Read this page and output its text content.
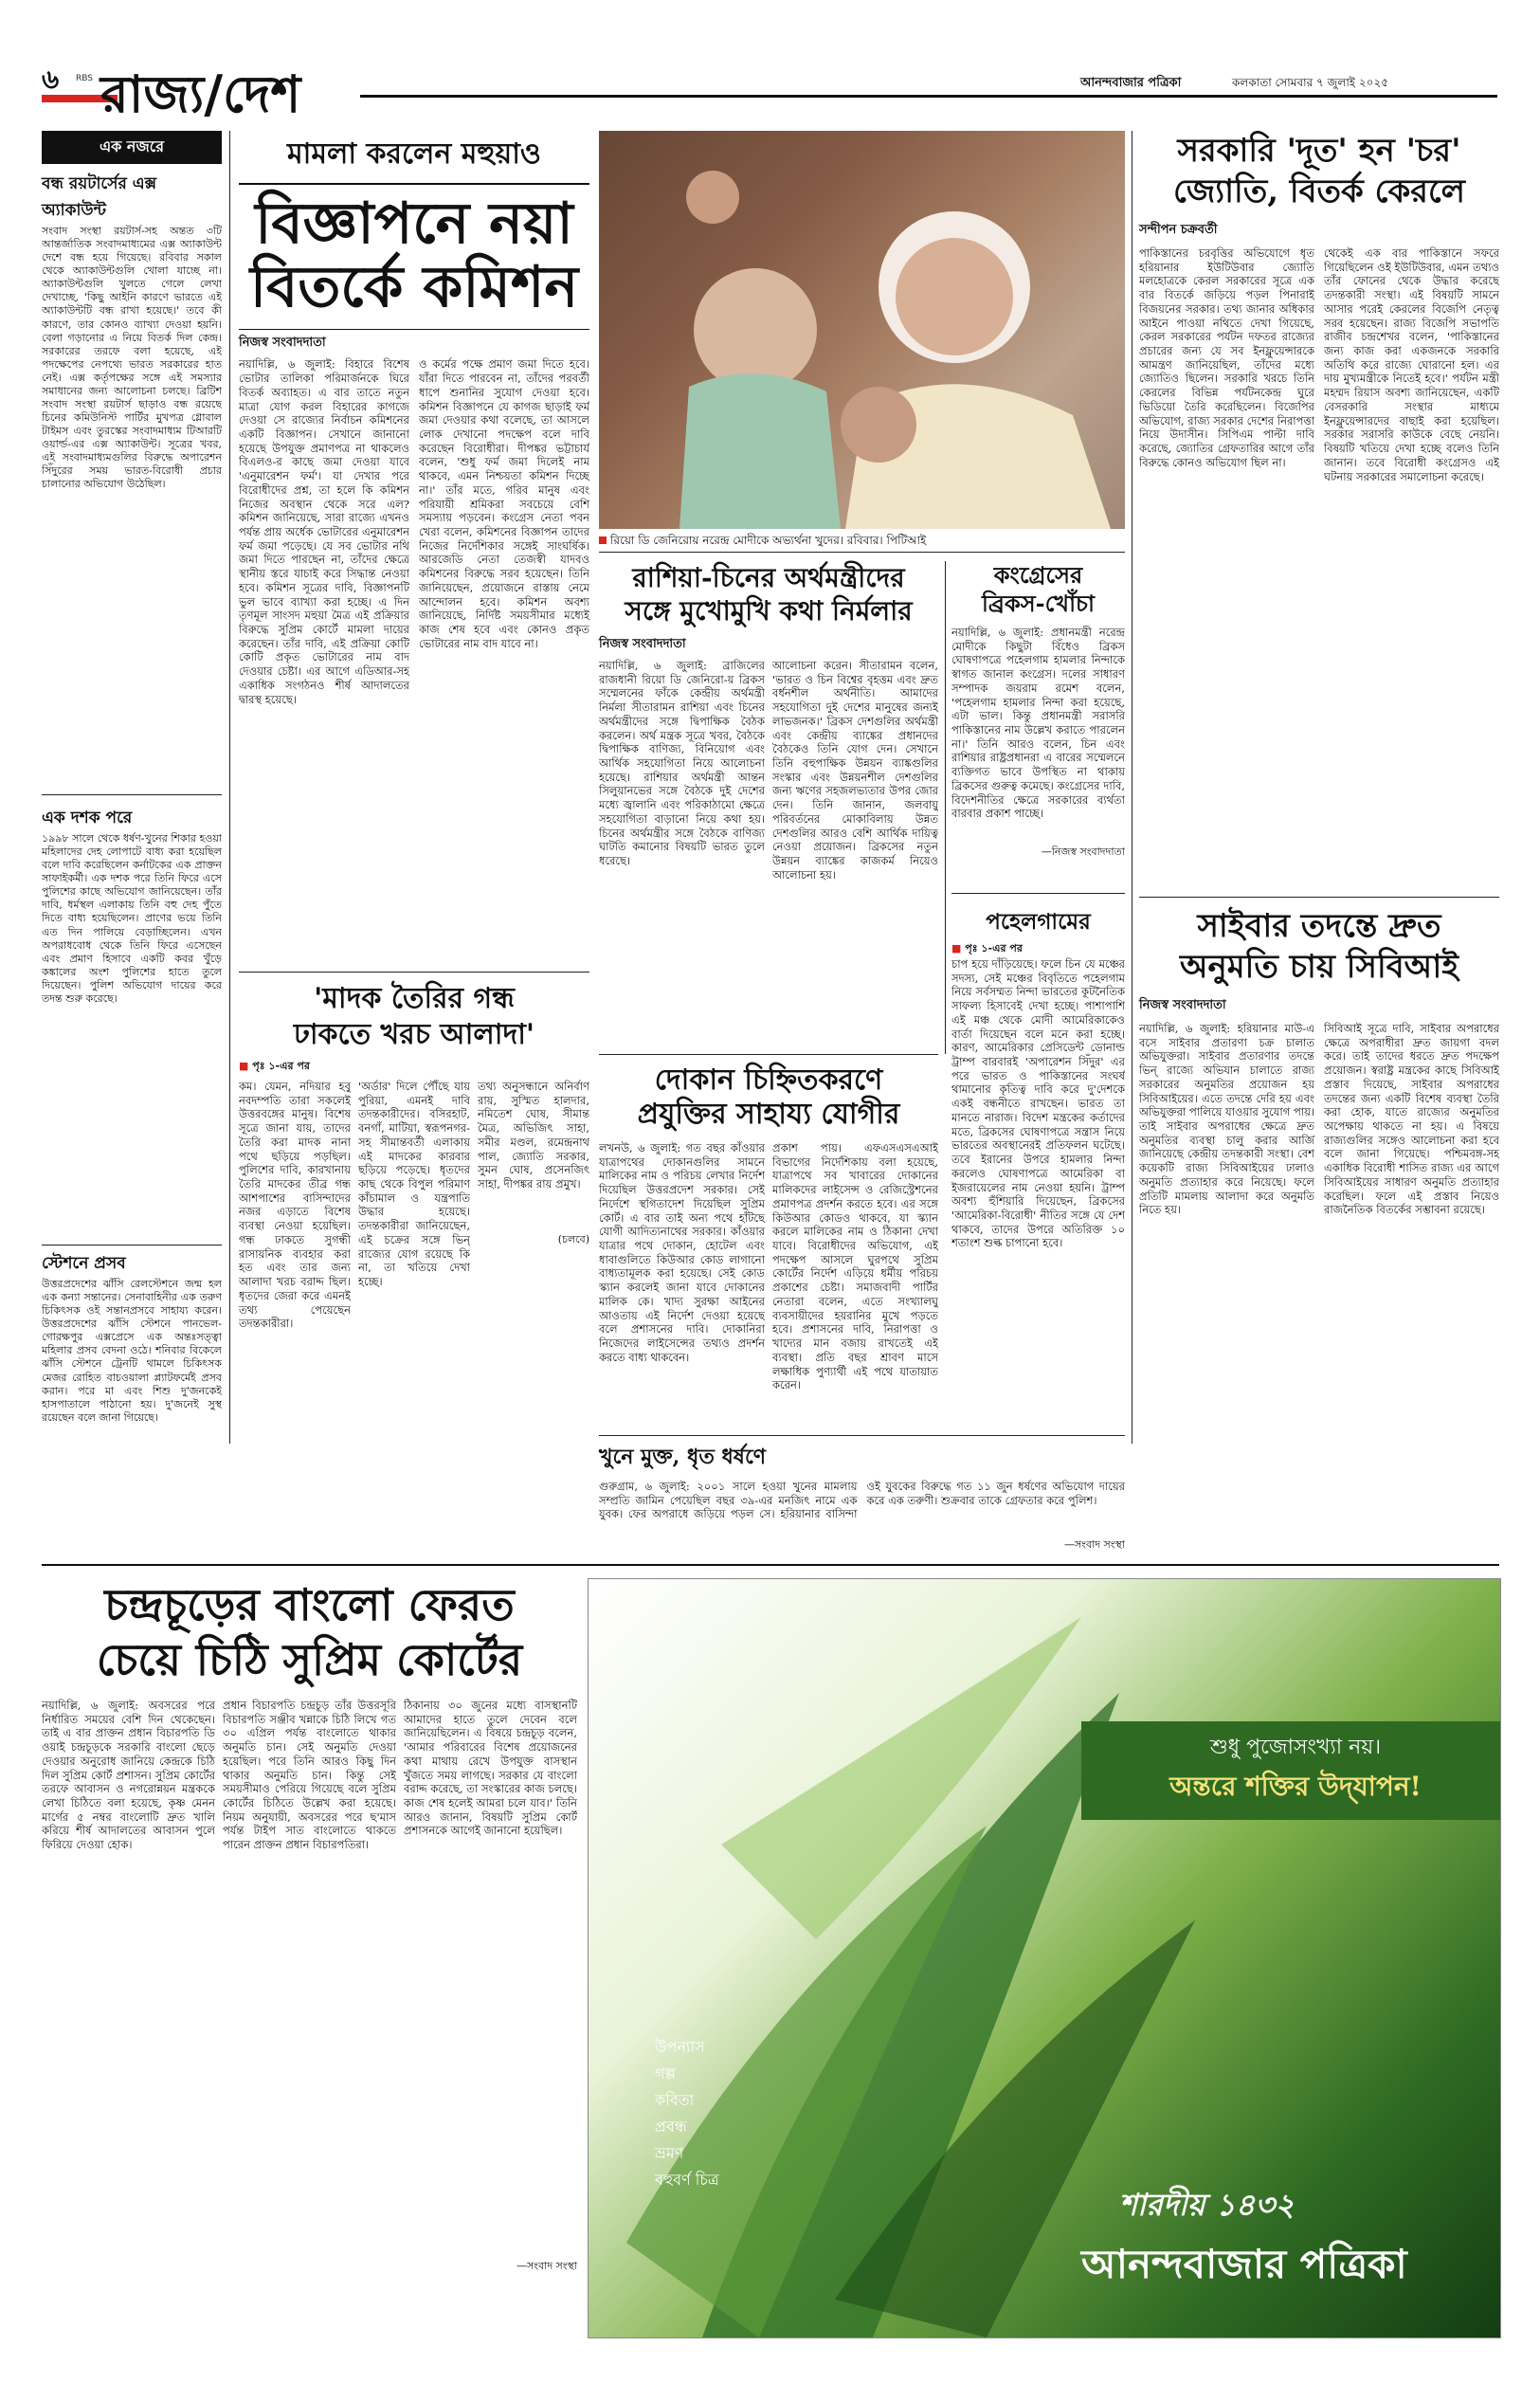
৬ RBS রাজ্য/দেশ	আনন্দবাজার পত্রিকা	কলকাতা সোমবার ৭ জুলাই ২০২৫
এক নজরে
বন্ধ রয়টার্সের এক্স অ্যাকাউন্ট
সংবাদ সংস্থা রয়টার্স-সহ অন্তত ৩টি আন্তর্জাতিক সংবাদমাধ্যমের এক্স অ্যাকাউন্ট দেশে বন্ধ হয়ে গিয়েছে। রবিবার সকাল থেকে অ্যাকাউন্টগুলি খোলা যাচ্ছে না। অ্যাকাউন্টগুলি খুলতে গেলে লেখা দেখাচ্ছে, 'কিছু আইনি কারণে ভারতে এই অ্যাকাউন্টটি বন্ধ রাখা হয়েছে।' তবে কী কারণে, তার কোনও ব্যাখ্যা দেওয়া হয়নি। বেলা গড়ানোর এ নিয়ে বিতর্ক দিল কেন্দ্র। সরকারের তরফে বলা হয়েছে, এই পদক্ষেপের নেপথ্যে ভারত সরকারের হাত নেই। এক্স কর্তৃপক্ষের সঙ্গে এই সমস্যার সমাধানের জন্য আলোচনা চলছে। ব্রিটিশ সংবাদ সংস্থা রয়টার্স ছাড়াও বন্ধ রয়েছে চিনের কমিউনিস্ট পার্টির মুখপত্র গ্লোবাল টাইমস এবং তুরস্কের সংবাদমাধ্যম টিআরটি ওয়ার্ল্ড-এর এক্স অ্যাকাউন্ট। সূত্রের খবর, এই সংবাদমাধ্যমগুলির বিরুদ্ধে অপারেশন সিঁদুরের সময় ভারত-বিরোধী প্রচার চালানোর অভিযোগ উঠেছিল।
এক দশক পরে
১৯৯৮ সালে থেকে ধর্ষণ-খুনের শিকার হওয়া মহিলাদের দেহ লোপাটে বাধ্য করা হয়েছিল বলে দাবি করেছিলেন কর্নাটকের এক প্রাক্তন সাফাইকর্মী। এক দশক পরে তিনি ফিরে এসে পুলিশের কাছে অভিযোগ জানিয়েছেন। তাঁর দাবি, ধর্মস্থল এলাকায় তিনি বহু দেহ পুঁতে দিতে বাধ্য হয়েছিলেন। প্রাণের ভয়ে তিনি এত দিন পালিয়ে বেড়াচ্ছিলেন। এখন অপরাধবোধ থেকে তিনি ফিরে এসেছেন এবং প্রমাণ হিসাবে একটি কবর খুঁড়ে কঙ্কালের অংশ পুলিশের হাতে তুলে দিয়েছেন। পুলিশ অভিযোগ দায়ের করে তদন্ত শুরু করেছে।
স্টেশনে প্রসব
উত্তরপ্রদেশের ঝাঁসি রেলস্টেশনে জন্ম হল এক কন্যা সন্তানের। সেনাবাহিনীর এক তরুণ চিকিৎসক ওই সন্তানপ্রসবে সাহায্য করেন। উত্তরপ্রদেশের ঝাঁসি স্টেশনে পানভেল-গোরক্ষপুর এক্সপ্রেসে এক অন্তঃসত্ত্বা মহিলার প্রসব বেদনা ওঠে। শনিবার বিকেলে ঝাঁসি স্টেশনে ট্রেনটি থামলে চিকিৎসক মেজর রোহিত বাচওয়ালা প্ল্যাটফর্মেই প্রসব করান। পরে মা এবং শিশু দু'জনকেই হাসপাতালে পাঠানো হয়। দু'জনেই সুস্থ রয়েছেন বলে জানা গিয়েছে।
মামলা করলেন মহুয়াও
বিজ্ঞাপনে নয়া
বিতর্কে কমিশন
নিজস্ব সংবাদদাতা
নয়াদিল্লি, ৬ জুলাই: বিহারে বিশেষ ভোটার তালিকা পরিমার্জনকে ঘিরে বিতর্ক অব্যাহত। এ বার তাতে নতুন মাত্রা যোগ করল বিহারের কাগজে দেওয়া সে রাজ্যের নির্বাচন কমিশনের একটি বিজ্ঞাপন। সেখানে জানানো হয়েছে উপযুক্ত প্রমাণপত্র না থাকলেও বিএলও-র কাছে জমা দেওয়া যাবে 'এনুমারেশন ফর্ম'। যা দেখার পরে বিরোধীদের প্রশ্ন, তা হলে কি কমিশন নিজের অবস্থান থেকে সরে এল? কমিশন জানিয়েছে, সারা রাজ্যে এখনও পর্যন্ত প্রায় অর্ধেক ভোটারের এনুমারেশন ফর্ম জমা পড়েছে। যে সব ভোটার নথি জমা দিতে পারছেন না, তাঁদের ক্ষেত্রে স্থানীয় স্তরে যাচাই করে সিদ্ধান্ত নেওয়া হবে। কমিশন সূত্রের দাবি, বিজ্ঞাপনটি ভুল ভাবে ব্যাখ্যা করা হচ্ছে। এ দিন তৃণমূল সাংসদ মহুয়া মৈত্র এই প্রক্রিয়ার বিরুদ্ধে সুপ্রিম কোর্টে মামলা দায়ের করেছেন। তাঁর দাবি, এই প্রক্রিয়া কোটি কোটি প্রকৃত ভোটারের নাম বাদ দেওয়ার চেষ্টা। এর আগে এডিআর-সহ একাধিক সংগঠনও শীর্ষ আদালতের দ্বারস্থ হয়েছে।
ও কর্মের পক্ষে প্রমাণ জমা দিতে হবে। যাঁরা দিতে পারবেন না, তাঁদের পরবর্তী ধাপে শুনানির সুযোগ দেওয়া হবে। কমিশন বিজ্ঞাপনে যে কাগজ ছাড়াই ফর্ম জমা দেওয়ার কথা বলেছে, তা আসলে লোক দেখানো পদক্ষেপ বলে দাবি করেছেন বিরোধীরা। দীপঙ্কর ভট্টাচার্য বলেন, 'শুধু ফর্ম জমা দিলেই নাম থাকবে, এমন নিশ্চয়তা কমিশন দিচ্ছে না।' তাঁর মতে, গরিব মানুষ এবং পরিযায়ী শ্রমিকরা সবচেয়ে বেশি সমস্যায় পড়বেন। কংগ্রেস নেতা পবন খেরা বলেন, কমিশনের বিজ্ঞাপন তাদের নিজের নির্দেশিকার সঙ্গেই সাংঘর্ষিক। আরজেডি নেতা তেজস্বী যাদবও কমিশনের বিরুদ্ধে সরব হয়েছেন। তিনি জানিয়েছেন, প্রয়োজনে রাস্তায় নেমে আন্দোলন হবে। কমিশন অবশ্য জানিয়েছে, নির্দিষ্ট সময়সীমার মধ্যেই কাজ শেষ হবে এবং কোনও প্রকৃত ভোটারের নাম বাদ যাবে না।
রিয়ো ডি জেনিরোয় নরেন্দ্র মোদীকে অভ্যর্থনা খুদের। রবিবার। পিটিআই
রাশিয়া-চিনের অর্থমন্ত্রীদের
সঙ্গে মুখোমুখি কথা নির্মলার
নিজস্ব সংবাদদাতা
নয়াদিল্লি, ৬ জুলাই: ব্রাজিলের রাজধানী রিয়ো ডি জেনিরো-য় ব্রিকস সম্মেলনের ফাঁকে কেন্দ্রীয় অর্থমন্ত্রী নির্মলা সীতারামন রাশিয়া এবং চিনের অর্থমন্ত্রীদের সঙ্গে দ্বিপাক্ষিক বৈঠক করলেন। অর্থ মন্ত্রক সূত্রে খবর, বৈঠকে দ্বিপাক্ষিক বাণিজ্য, বিনিয়োগ এবং আর্থিক সহযোগিতা নিয়ে আলোচনা হয়েছে। রাশিয়ার অর্থমন্ত্রী আন্তন সিলুয়ানভের সঙ্গে বৈঠকে দুই দেশের মধ্যে জ্বালানি এবং পরিকাঠামো ক্ষেত্রে সহযোগিতা বাড়ানো নিয়ে কথা হয়। চিনের অর্থমন্ত্রীর সঙ্গে বৈঠকে বাণিজ্য ঘাটতি কমানোর বিষয়টি ভারত তুলে ধরেছে।
আলোচনা করেন। সীতারামন বলেন, 'ভারত ও চিন বিশ্বের বৃহত্তম এবং দ্রুত বর্ধনশীল অর্থনীতি। আমাদের সহযোগিতা দুই দেশের মানুষের জন্যই লাভজনক।' ব্রিকস দেশগুলির অর্থমন্ত্রী এবং কেন্দ্রীয় ব্যাঙ্কের প্রধানদের বৈঠকেও তিনি যোগ দেন। সেখানে তিনি বহুপাক্ষিক উন্নয়ন ব্যাঙ্কগুলির সংস্কার এবং উন্নয়নশীল দেশগুলির জন্য ঋণের সহজলভ্যতার উপর জোর দেন। তিনি জানান, জলবায়ু পরিবর্তনের মোকাবিলায় উন্নত দেশগুলির আরও বেশি আর্থিক দায়িত্ব নেওয়া প্রয়োজন। ব্রিকসের নতুন উন্নয়ন ব্যাঙ্কের কাজকর্ম নিয়েও আলোচনা হয়।
কংগ্রেসের
ব্রিকস-খোঁচা
নয়াদিল্লি, ৬ জুলাই: প্রধানমন্ত্রী নরেন্দ্র মোদীকে কিছুটা বিঁধেও ব্রিকস ঘোষণাপত্রে পহেলগাম হামলার নিন্দাকে স্বাগত জানাল কংগ্রেস। দলের সাধারণ সম্পাদক জয়রাম রমেশ বলেন, 'পহেলগাম হামলার নিন্দা করা হয়েছে, এটা ভাল। কিন্তু প্রধানমন্ত্রী সরাসরি পাকিস্তানের নাম উল্লেখ করাতে পারলেন না।' তিনি আরও বলেন, চিন এবং রাশিয়ার রাষ্ট্রপ্রধানরা এ বারের সম্মেলনে ব্যক্তিগত ভাবে উপস্থিত না থাকায় ব্রিকসের গুরুত্ব কমেছে। কংগ্রেসের দাবি, বিদেশনীতির ক্ষেত্রে সরকারের ব্যর্থতা বারবার প্রকাশ পাচ্ছে।
—নিজস্ব সংবাদদাতা
পহেলগামের
■ পৃঃ ১-এর পর
চাপ হয়ে দাঁড়িয়েছে। ফলে চিন যে মঞ্চের সদস্য, সেই মঞ্চের বিবৃতিতে পহেলগাম নিয়ে সর্বসম্মত নিন্দা ভারতের কূটনৈতিক সাফল্য হিসাবেই দেখা হচ্ছে। পাশাপাশি এই মঞ্চ থেকে মোদী আমেরিকাকেও বার্তা দিয়েছেন বলে মনে করা হচ্ছে। কারণ, আমেরিকার প্রেসিডেন্ট ডোনাল্ড ট্রাম্প বারবারই 'অপারেশন সিঁদুর' এর পরে ভারত ও পাকিস্তানের সংঘর্ষ থামানোর কৃতিত্ব দাবি করে দু'দেশকে একই বন্ধনীতে রাখছেন। ভারত তা মানতে নারাজ। বিদেশ মন্ত্রকের কর্তাদের মতে, ব্রিকসের ঘোষণাপত্রে সন্ত্রাস নিয়ে ভারতের অবস্থানেরই প্রতিফলন ঘটেছে। তবে ইরানের উপরে হামলার নিন্দা করলেও ঘোষণাপত্রে আমেরিকা বা ইজরায়েলের নাম নেওয়া হয়নি। ট্রাম্প অবশ্য হুঁশিয়ারি দিয়েছেন, ব্রিকসের 'আমেরিকা-বিরোধী' নীতির সঙ্গে যে দেশ থাকবে, তাদের উপরে অতিরিক্ত ১০ শতাংশ শুল্ক চাপানো হবে।
দোকান চিহ্নিতকরণে
প্রযুক্তির সাহায্য যোগীর
লখনউ, ৬ জুলাই: গত বছর কাঁওয়ার যাত্রাপথের দোকানগুলির সামনে মালিকের নাম ও পরিচয় লেখার নির্দেশ দিয়েছিল উত্তরপ্রদেশ সরকার। সেই নির্দেশে স্থগিতাদেশ দিয়েছিল সুপ্রিম কোর্ট। এ বার তাই অন্য পথে হাঁটছে যোগী আদিত্যনাথের সরকার। কাঁওয়ার যাত্রার পথে দোকান, হোটেল এবং ধাবাগুলিতে কিউআর কোড লাগানো বাধ্যতামূলক করা হয়েছে। সেই কোড স্ক্যান করলেই জানা যাবে দোকানের মালিক কে। খাদ্য সুরক্ষা আইনের আওতায় এই নির্দেশ দেওয়া হয়েছে বলে প্রশাসনের দাবি। দোকানিরা নিজেদের লাইসেন্সের তথ্যও প্রদর্শন করতে বাধ্য থাকবেন।
প্রকাশ পায়। এফএসএসএআই বিভাগের নির্দেশিকায় বলা হয়েছে, যাত্রাপথে সব খাবারের দোকানের মালিকদের লাইসেন্স ও রেজিস্ট্রেশনের প্রমাণপত্র প্রদর্শন করতে হবে। এর সঙ্গে কিউআর কোডও থাকবে, যা স্ক্যান করলে মালিকের নাম ও ঠিকানা দেখা যাবে। বিরোধীদের অভিযোগ, এই পদক্ষেপ আসলে ঘুরপথে সুপ্রিম কোর্টের নির্দেশ এড়িয়ে ধর্মীয় পরিচয় প্রকাশের চেষ্টা। সমাজবাদী পার্টির নেতারা বলেন, এতে সংখ্যালঘু ব্যবসায়ীদের হয়রানির মুখে পড়তে হবে। প্রশাসনের দাবি, নিরাপত্তা ও খাদ্যের মান বজায় রাখতেই এই ব্যবস্থা। প্রতি বছর শ্রাবণ মাসে লক্ষাধিক পুণ্যার্থী এই পথে যাতায়াত করেন।
খুনে মুক্ত, ধৃত ধর্ষণে
গুরুগ্রাম, ৬ জুলাই: ২০০১ সালে হওয়া খুনের মামলায় সম্প্রতি জামিন পেয়েছিল বছর ৩৯-এর মনজিৎ নামে এক যুবক। ফের অপরাধে জড়িয়ে পড়ল সে। হরিয়ানার বাসিন্দা ওই যুবকের বিরুদ্ধে গত ১১ জুন ধর্ষণের অভিযোগ দায়ের করে এক তরুণী। শুক্রবার তাকে গ্রেফতার করে পুলিশ।
—সংবাদ সংস্থা
'মাদক তৈরির গন্ধ
ঢাকতে খরচ আলাদা'
■ পৃঃ ১-এর পর
কম। যেমন, নদিয়ার হবু নবদম্পতি তারা সকলেই উত্তরবঙ্গের মানুষ। বিশেষ সূত্রে জানা যায়, তাদের তৈরি করা মাদক নানা পথে ছড়িয়ে পড়ছিল। পুলিশের দাবি, কারখানায় তৈরি মাদকের তীব্র গন্ধ আশপাশের বাসিন্দাদের নজর এড়াতে বিশেষ ব্যবস্থা নেওয়া হয়েছিল। গন্ধ ঢাকতে সুগন্ধী রাসায়নিক ব্যবহার করা হত এবং তার জন্য আলাদা খরচ বরাদ্দ ছিল। ধৃতদের জেরা করে এমনই তথ্য পেয়েছেন তদন্তকারীরা।
'অর্ডার' দিলে পৌঁছে যায় পুরিয়া, এমনই দাবি তদন্তকারীদের। বসিরহাট, বনগাঁ, মাটিয়া, স্বরূপনগর-সহ সীমান্তবর্তী এলাকায় এই মাদকের কারবার ছড়িয়ে পড়েছে। ধৃতদের কাছ থেকে বিপুল পরিমাণ কাঁচামাল ও যন্ত্রপাতি উদ্ধার হয়েছে। তদন্তকারীরা জানিয়েছেন, এই চক্রের সঙ্গে ভিন্ রাজ্যের যোগ রয়েছে কি না, তা খতিয়ে দেখা হচ্ছে।
তথ্য অনুসন্ধানে অনির্বাণ রায়, সুস্মিত হালদার, নমিতেশ ঘোষ, সীমান্ত মৈত্র, অভিজিৎ সাহা, সমীর মণ্ডল, রমেন্দ্রনাথ পাল, জ্যোতি সরকার, সুমন ঘোষ, প্রসেনজিৎ সাহা, দীপঙ্কর রায় প্রমুখ।
(চলবে)
সরকারি 'দূত' হন 'চর'
জ্যোতি, বিতর্ক কেরলে
সন্দীপন চক্রবর্তী
পাকিস্তানের চরবৃত্তির অভিযোগে ধৃত হরিয়ানার ইউটিউবার জ্যোতি মলহোত্রকে কেরল সরকারের সূত্রে এক বার বিতর্কে জড়িয়ে পড়ল পিনারাই বিজয়নের সরকার। তথ্য জানার অধিকার আইনে পাওয়া নথিতে দেখা গিয়েছে, কেরল সরকারের পর্যটন দফতর রাজ্যের প্রচারের জন্য যে সব ইনফ্লুয়েন্সারকে আমন্ত্রণ জানিয়েছিল, তাঁদের মধ্যে জ্যোতিও ছিলেন। সরকারি খরচে তিনি কেরলের বিভিন্ন পর্যটনকেন্দ্র ঘুরে ভিডিয়ো তৈরি করেছিলেন। বিজেপির অভিযোগ, রাজ্য সরকার দেশের নিরাপত্তা নিয়ে উদাসীন। সিপিএম পাল্টা দাবি করেছে, জ্যোতির গ্রেফতারির আগে তাঁর বিরুদ্ধে কোনও অভিযোগ ছিল না।
থেকেই এক বার পাকিস্তানে সফরে গিয়েছিলেন ওই ইউটিউবার, এমন তথ্যও তাঁর ফোনের থেকে উদ্ধার করেছে তদন্তকারী সংস্থা। এই বিষয়টি সামনে আসার পরেই কেরলের বিজেপি নেতৃত্ব সরব হয়েছেন। রাজ্য বিজেপি সভাপতি রাজীব চন্দ্রশেখর বলেন, 'পাকিস্তানের জন্য কাজ করা একজনকে সরকারি অতিথি করে রাজ্যে ঘোরানো হল। এর দায় মুখ্যমন্ত্রীকে নিতেই হবে।' পর্যটন মন্ত্রী মহম্মদ রিয়াস অবশ্য জানিয়েছেন, একটি বেসরকারি সংস্থার মাধ্যমে ইনফ্লুয়েন্সারদের বাছাই করা হয়েছিল। সরকার সরাসরি কাউকে বেছে নেয়নি। বিষয়টি খতিয়ে দেখা হচ্ছে বলেও তিনি জানান। তবে বিরোধী কংগ্রেসও এই ঘটনায় সরকারের সমালোচনা করেছে।
সাইবার তদন্তে দ্রুত
অনুমতি চায় সিবিআই
নিজস্ব সংবাদদাতা
নয়াদিল্লি, ৬ জুলাই: হরিয়ানার মাউ-এ বসে সাইবার প্রতারণা চক্র চালাত অভিযুক্তরা। সাইবার প্রতারণার তদন্তে ভিন্ রাজ্যে অভিযান চালাতে রাজ্য সরকারের অনুমতির প্রয়োজন হয় সিবিআইয়ের। এতে তদন্তে দেরি হয় এবং অভিযুক্তরা পালিয়ে যাওয়ার সুযোগ পায়। তাই সাইবার অপরাধের ক্ষেত্রে দ্রুত অনুমতির ব্যবস্থা চালু করার আর্জি জানিয়েছে কেন্দ্রীয় তদন্তকারী সংস্থা। বেশ কয়েকটি রাজ্য সিবিআইয়ের ঢালাও অনুমতি প্রত্যাহার করে নিয়েছে। ফলে প্রতিটি মামলায় আলাদা করে অনুমতি নিতে হয়।
সিবিআই সূত্রে দাবি, সাইবার অপরাধের ক্ষেত্রে অপরাধীরা দ্রুত জায়গা বদল করে। তাই তাদের ধরতে দ্রুত পদক্ষেপ প্রয়োজন। স্বরাষ্ট্র মন্ত্রকের কাছে সিবিআই প্রস্তাব দিয়েছে, সাইবার অপরাধের তদন্তের জন্য একটি বিশেষ ব্যবস্থা তৈরি করা হোক, যাতে রাজ্যের অনুমতির অপেক্ষায় থাকতে না হয়। এ বিষয়ে রাজ্যগুলির সঙ্গেও আলোচনা করা হবে বলে জানা গিয়েছে। পশ্চিমবঙ্গ-সহ একাধিক বিরোধী শাসিত রাজ্য এর আগে সিবিআইয়ের সাধারণ অনুমতি প্রত্যাহার করেছিল। ফলে এই প্রস্তাব নিয়েও রাজনৈতিক বিতর্কের সম্ভাবনা রয়েছে।
চন্দ্রচূড়ের বাংলো ফেরত
চেয়ে চিঠি সুপ্রিম কোর্টের
নয়াদিল্লি, ৬ জুলাই: অবসরের পরে নির্ধারিত সময়ের বেশি দিন থেকেছেন। তাই এ বার প্রাক্তন প্রধান বিচারপতি ডি ওয়াই চন্দ্রচূড়কে সরকারি বাংলো ছেড়ে দেওয়ার অনুরোধ জানিয়ে কেন্দ্রকে চিঠি দিল সুপ্রিম কোর্ট প্রশাসন। সুপ্রিম কোর্টের তরফে আবাসন ও নগরোন্নয়ন মন্ত্রককে লেখা চিঠিতে বলা হয়েছে, কৃষ্ণ মেনন মার্গের ৫ নম্বর বাংলোটি দ্রুত খালি করিয়ে শীর্ষ আদালতের আবাসন পুলে ফিরিয়ে দেওয়া হোক।
প্রধান বিচারপতি চন্দ্রচূড় তাঁর উত্তরসূরি বিচারপতি সঞ্জীব খন্নাকে চিঠি লিখে গত ৩০ এপ্রিল পর্যন্ত বাংলোতে থাকার অনুমতি চান। সেই অনুমতি দেওয়া হয়েছিল। পরে তিনি আরও কিছু দিন থাকার অনুমতি চান। কিন্তু সেই সময়সীমাও পেরিয়ে গিয়েছে বলে সুপ্রিম কোর্টের চিঠিতে উল্লেখ করা হয়েছে। নিয়ম অনুযায়ী, অবসরের পরে ছ'মাস পর্যন্ত টাইপ সাত বাংলোতে থাকতে পারেন প্রাক্তন প্রধান বিচারপতিরা।
ঠিকানায় ৩০ জুনের মধ্যে বাসস্থানটি আমাদের হাতে তুলে দেবেন বলে জানিয়েছিলেন। এ বিষয়ে চন্দ্রচূড় বলেন, 'আমার পরিবারের বিশেষ প্রয়োজনের কথা মাথায় রেখে উপযুক্ত বাসস্থান খুঁজতে সময় লাগছে। সরকার যে বাংলো বরাদ্দ করেছে, তা সংস্কারের কাজ চলছে। কাজ শেষ হলেই আমরা চলে যাব।' তিনি আরও জানান, বিষয়টি সুপ্রিম কোর্ট প্রশাসনকে আগেই জানানো হয়েছিল।
—সংবাদ সংস্থা
শুধু পুজোসংখ্যা নয়।
অন্তরে শক্তির উদ্‌যাপন!
উপন্যাস
গল্প
কবিতা
প্রবন্ধ
ভ্রমণ
বহুবর্ণ চিত্র
শারদীয় ১৪৩২
আনন্দবাজার পত্রিকা
